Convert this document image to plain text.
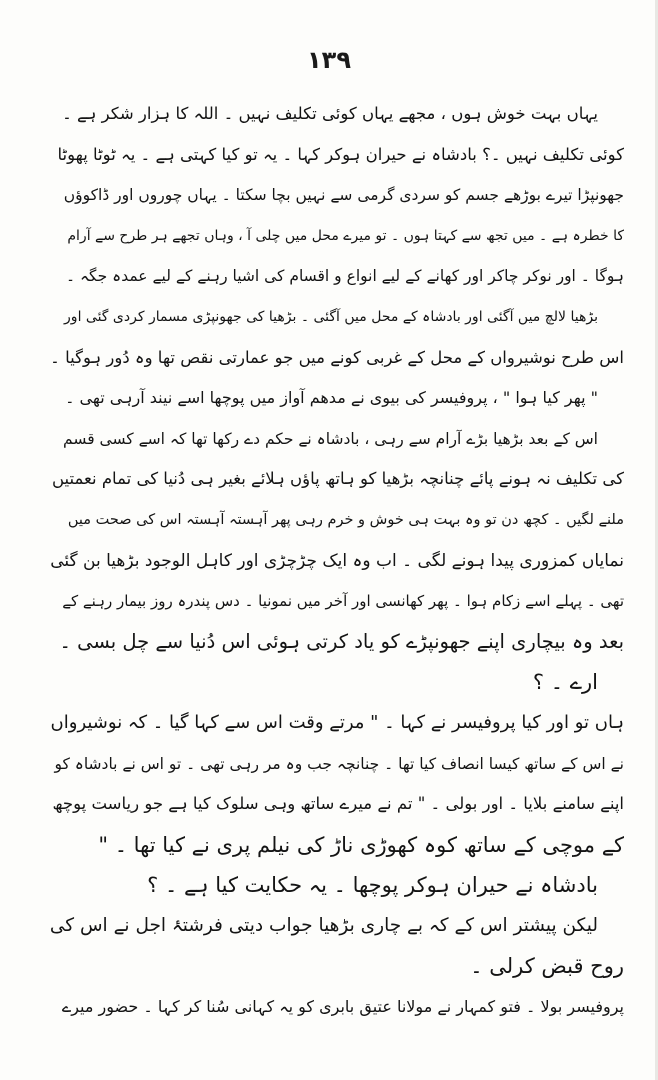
۱۳۹
یہاں بہت خوش ہوں ، مجھے یہاں کوئی تکلیف نہیں ۔ اللہ کا ہزار شکر ہے ۔
کوئی تکلیف نہیں ۔؟ بادشاہ نے حیران ہوکر کہا ۔ یہ تو کیا کہتی ہے ۔ یہ ٹوٹا پھوٹا
جھونپڑا تیرے بوڑھے جسم کو سردی گرمی سے نہیں بچا سکتا ۔ یہاں چوروں اور ڈاکوؤں
کا خطرہ ہے ۔ میں تجھ سے کہتا ہوں ۔ تو میرے محل میں چلی آ ، وہاں تجھے ہر طرح سے آرام
ہوگا ۔ اور نوکر چاکر اور کھانے کے لیے انواع و اقسام کی اشیا رہنے کے لیے عمدہ جگہ ۔
بڑھیا لالچ میں آگئی اور بادشاہ کے محل میں آگئی ۔ بڑھیا کی جھونپڑی مسمار کردی گئی اور
اس طرح نوشیرواں کے محل کے غربی کونے میں جو عمارتی نقص تھا وہ دُور ہوگیا ۔
" پھر کیا ہوا " ، پروفیسر کی بیوی نے مدھم آواز میں پوچھا اسے نیند آرہی تھی ۔
اس کے بعد بڑھیا بڑے آرام سے رہی ، بادشاہ نے حکم دے رکھا تھا کہ اسے کسی قسم
کی تکلیف نہ ہونے پائے چنانچہ بڑھیا کو ہاتھ پاؤں ہلائے بغیر ہی دُنیا کی تمام نعمتیں
ملنے لگیں ۔ کچھ دن تو وہ بہت ہی خوش و خرم رہی پھر آہستہ آہستہ اس کی صحت میں
نمایاں کمزوری پیدا ہونے لگی ۔ اب وہ ایک چڑچڑی اور کاہل الوجود بڑھیا بن گئی
تھی ۔ پہلے اسے زکام ہوا ۔ پھر کھانسی اور آخر میں نمونیا ۔ دس پندرہ روز بیمار رہنے کے
بعد وہ بیچاری اپنے جھونپڑے کو یاد کرتی ہوئی اس دُنیا سے چل بسی ۔
ارے ۔ ؟
ہاں تو اور کیا پروفیسر نے کہا ۔ " مرتے وقت اس سے کہا گیا ۔ کہ نوشیرواں
نے اس کے ساتھ کیسا انصاف کیا تھا ۔ چنانچہ جب وہ مر رہی تھی ۔ تو اس نے بادشاہ کو
اپنے سامنے بلایا ۔ اور بولی ۔ " تم نے میرے ساتھ وہی سلوک کیا ہے جو ریاست پوچھ
کے موچی کے ساتھ کوہ کھوڑی ناڑ کی نیلم پری نے کیا تھا ۔ "
بادشاہ نے حیران ہوکر پوچھا ۔ یہ حکایت کیا ہے ۔ ؟
لیکن پیشتر اس کے کہ بے چاری بڑھیا جواب دیتی فرشتۂ اجل نے اس کی
روح قبض کرلی ۔
پروفیسر بولا ۔ فتو کمہار نے مولانا عتیق بابری کو یہ کہانی سُنا کر کہا ۔ حضور میرے
